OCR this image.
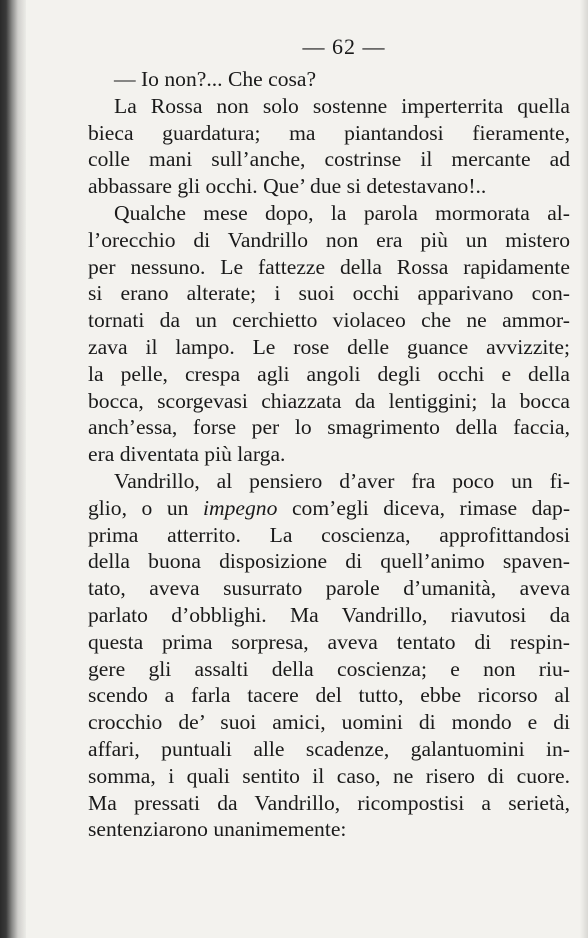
— 62 —
— Io non?... Che cosa?
La Rossa non solo sostenne imperterrita quella
bieca guardatura; ma piantandosi fieramente,
colle mani sull’anche, costrinse il mercante ad
abbassare gli occhi. Que’ due si detestavano!..
Qualche mese dopo, la parola mormorata al-
l’orecchio di Vandrillo non era più un mistero
per nessuno. Le fattezze della Rossa rapidamente
si erano alterate; i suoi occhi apparivano con-
tornati da un cerchietto violaceo che ne ammor-
zava il lampo. Le rose delle guance avvizzite;
la pelle, crespa agli angoli degli occhi e della
bocca, scorgevasi chiazzata da lentiggini; la bocca
anch’essa, forse per lo smagrimento della faccia,
era diventata più larga.
Vandrillo, al pensiero d’aver fra poco un fi-
glio, o un impegno com’egli diceva, rimase dap-
prima atterrito. La coscienza, approfittandosi
della buona disposizione di quell’animo spaven-
tato, aveva susurrato parole d’umanità, aveva
parlato d’obblighi. Ma Vandrillo, riavutosi da
questa prima sorpresa, aveva tentato di respin-
gere gli assalti della coscienza; e non riu-
scendo a farla tacere del tutto, ebbe ricorso al
crocchio de’ suoi amici, uomini di mondo e di
affari, puntuali alle scadenze, galantuomini in-
somma, i quali sentito il caso, ne risero di cuore.
Ma pressati da Vandrillo, ricompostisi a serietà,
sentenziarono unanimemente:
